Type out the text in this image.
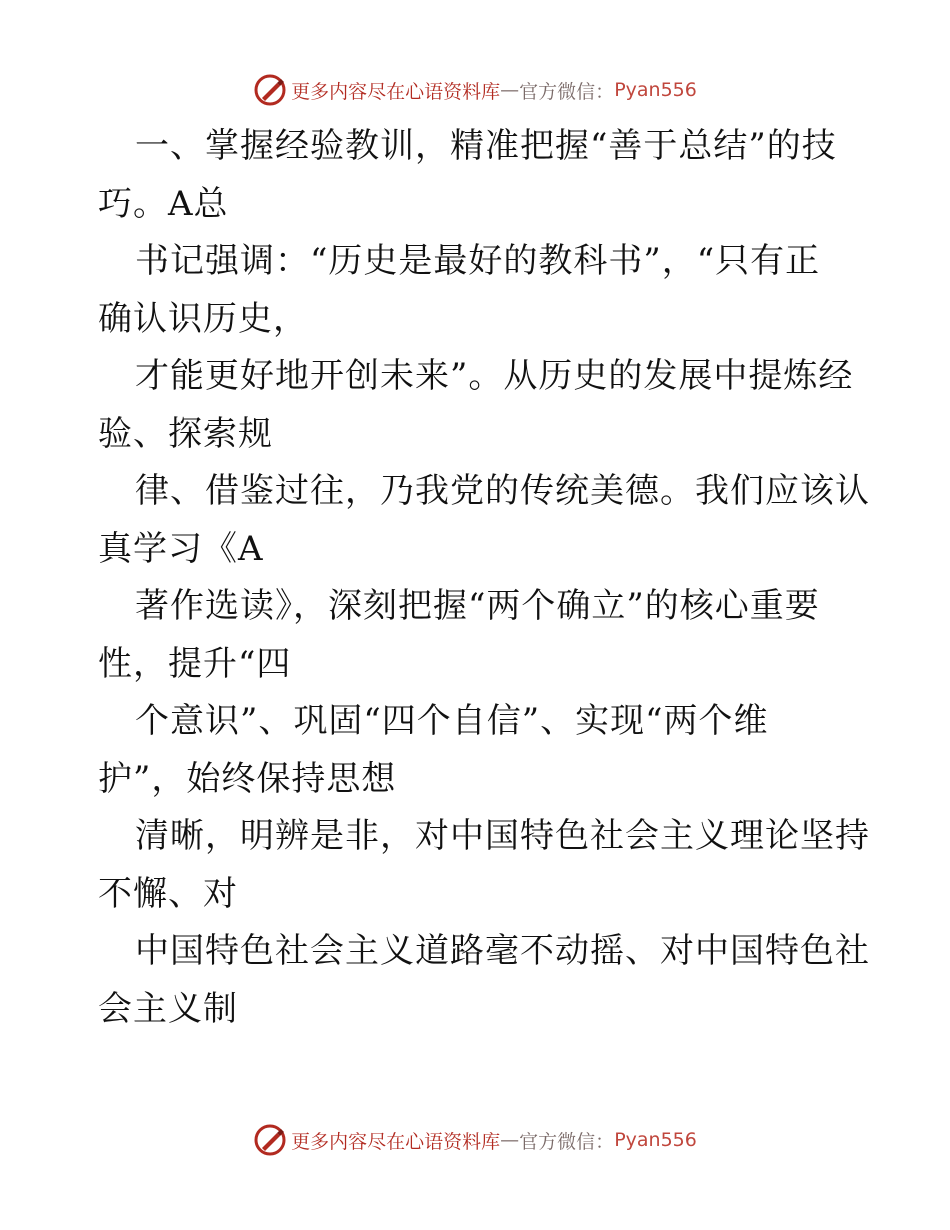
更多内容尽在心语资料库 — 官方微信： Pyan556
一、掌握经验教训，精准把握“善于总结”的技
巧。A总
书记强调：“历史是最好的教科书”，“只有正
确认识历史，
才能更好地开创未来”。从历史的发展中提炼经
验、探索规
律、借鉴过往，乃我党的传统美德。我们应该认
真学习《A
著作选读》，深刻把握“两个确立”的核心重要
性，提升“四
个意识”、巩固“四个自信”、实现“两个维
护”，始终保持思想
清晰，明辨是非，对中国特色社会主义理论坚持
不懈、对
中国特色社会主义道路毫不动摇、对中国特色社
会主义制
更多内容尽在心语资料库 — 官方微信： Pyan556
